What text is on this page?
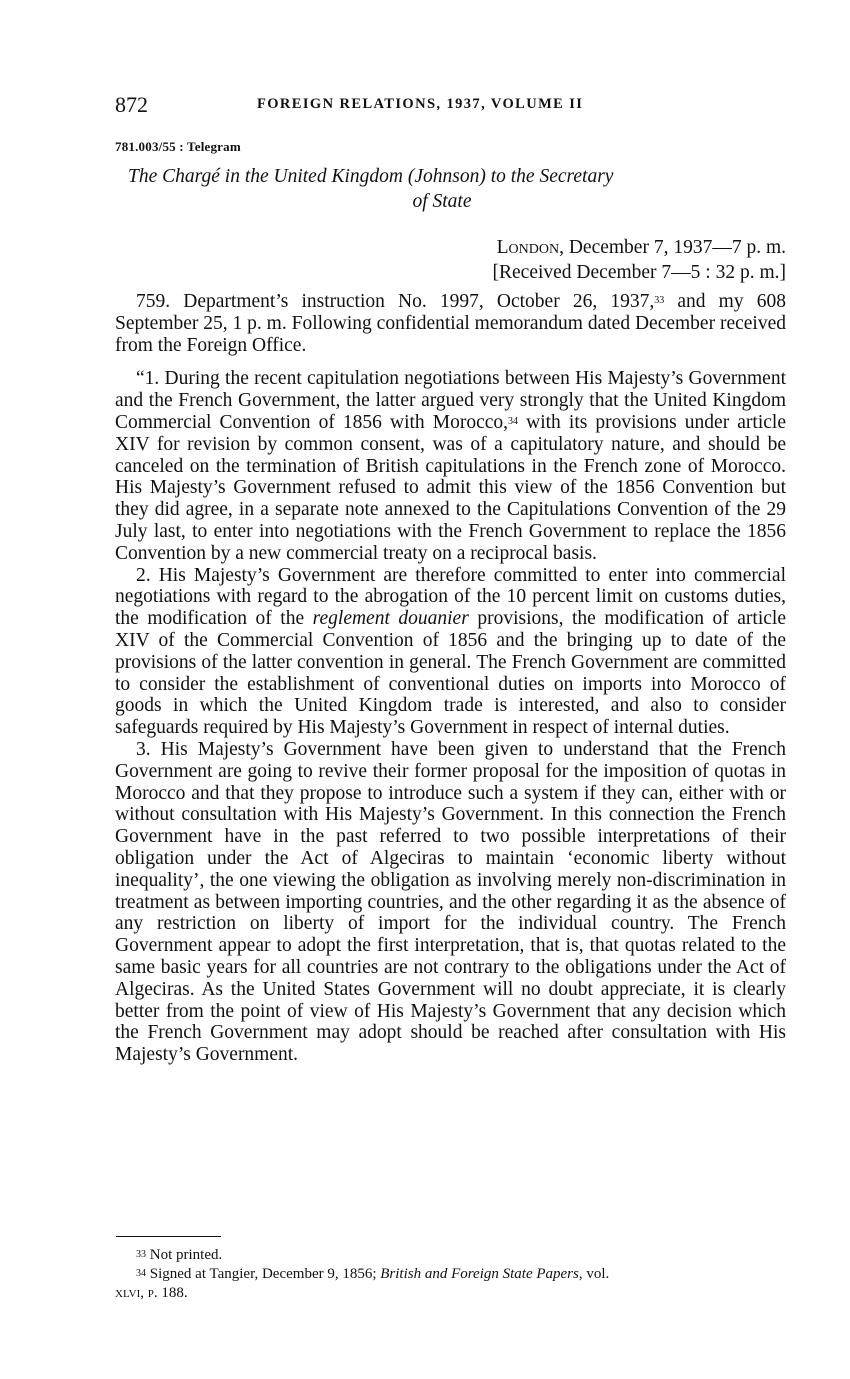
872	FOREIGN RELATIONS, 1937, VOLUME II
781.003/55 : Telegram
The Chargé in the United Kingdom (Johnson) to the Secretary
of State
London, December 7, 1937—7 p. m.
[Received December 7—5 : 32 p. m.]

759. Department’s instruction No. 1997, October 26, 1937,33 and my 608 September 25, 1 p. m. Following confidential memorandum dated December received from the Foreign Office.

“1. During the recent capitulation negotiations between His Majesty’s Government and the French Government, the latter argued very strongly that the United Kingdom Commercial Convention of 1856 with Morocco,$^{34}$ with its provisions under article XIV for revision by common consent, was of a capitulatory nature, and should be canceled on the termination of British capitulations in the French zone of Morocco. His Majesty’s Government refused to admit this view of the 1856 Convention but they did agree, in a separate note annexed to the Capitulations Convention of the 29 July last, to enter into negotiations with the French Government to replace the 1856 Convention by a new commercial treaty on a reciprocal basis.

2. His Majesty’s Government are therefore committed to enter into commercial negotiations with regard to the abrogation of the 10 percent limit on customs duties, the modification of the reglement douanier provisions, the modification of article XIV of the Commercial Convention of 1856 and the bringing up to date of the provisions of the latter convention in general. The French Government are committed to consider the establishment of conventional duties on imports into Morocco of goods in which the United Kingdom trade is interested, and also to consider safeguards required by His Majesty’s Government in respect of internal duties.

3. His Majesty’s Government have been given to understand that the French Government are going to revive their former proposal for the imposition of quotas in Morocco and that they propose to introduce such a system if they can, either with or without consultation with His Majesty’s Government. In this connection the French Government have in the past referred to two possible interpretations of their obligation under the Act of Algeciras to maintain ‘economic liberty without inequality’, the one viewing the obligation as involving merely non-discrimination in treatment as between importing countries, and the other regarding it as the absence of any restriction on liberty of import for the individual country. The French Government appear to adopt the first interpretation, that is, that quotas related to the same basic years for all countries are not contrary to the obligations under the Act of Algeciras. As the United States Government will no doubt appreciate, it is clearly better from the point of view of His Majesty’s Government that any decision which the French Government may adopt should be reached after consultation with His Majesty’s Government.

$^{33}$ Not printed.
$^{34}$ Signed at Tangier, December 9, 1856; British and Foreign State Papers, vol.
xlvi, p. 188.
